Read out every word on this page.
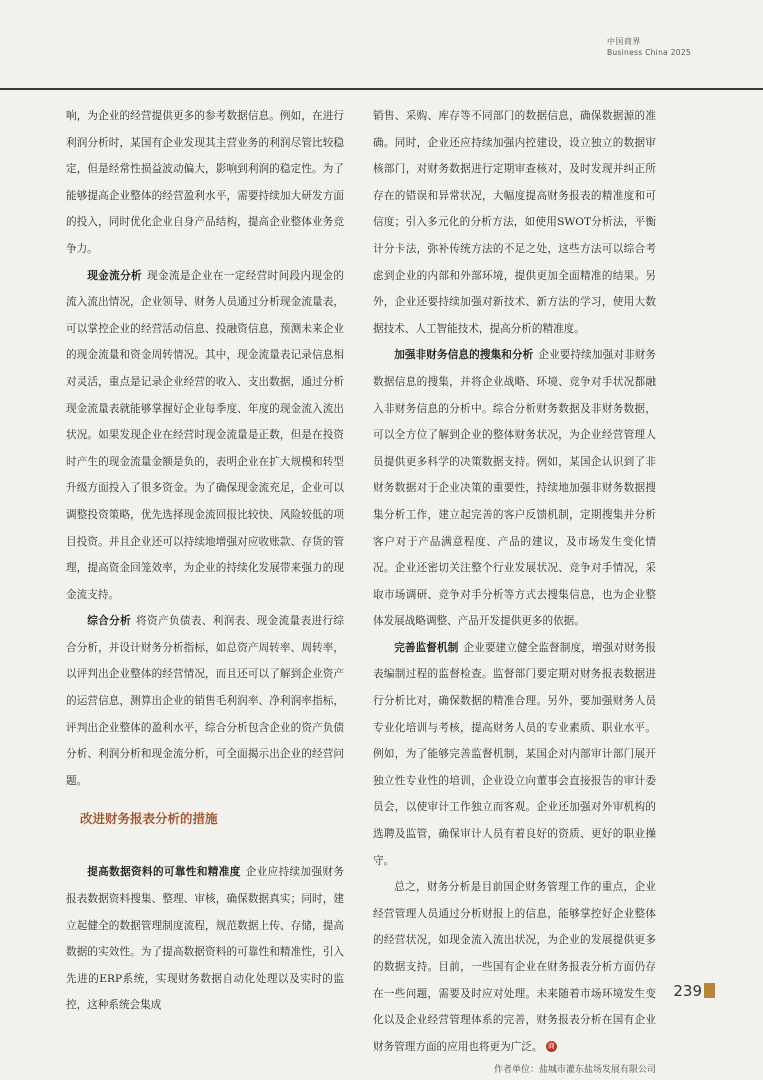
中国商界
Business China 2025

响，为企业的经营提供更多的参考数据信息。例如，在进行利润分析时，某国有企业发现其主营业务的利润尽管比较稳定，但是经常性损益波动偏大，影响到利润的稳定性。为了能够提高企业整体的经营盈利水平，需要持续加大研发方面的投入，同时优化企业自身产品结构，提高企业整体业务竞争力。

现金流分析 现金流是企业在一定经营时间段内现金的流入流出情况，企业领导、财务人员通过分析现金流量表，可以掌控企业的经营活动信息、投融资信息，预测未来企业的现金流量和资金周转情况。其中，现金流量表记录信息相对灵活，重点是记录企业经营的收入、支出数据，通过分析现金流量表就能够掌握好企业每季度、年度的现金流入流出状况。如果发现企业在经营时现金流量是正数，但是在投资时产生的现金流量金额是负的，表明企业在扩大规模和转型升级方面投入了很多资金。为了确保现金流充足，企业可以调整投资策略，优先选择现金流回报比较快、风险较低的项目投资。并且企业还可以持续地增强对应收账款、存货的管理，提高资金回笼效率，为企业的持续化发展带来强力的现金流支持。

综合分析 将资产负债表、利润表、现金流量表进行综合分析，并设计财务分析指标，如总资产周转率、周转率，以评判出企业整体的经营情况，而且还可以了解到企业资产的运营信息，测算出企业的销售毛利润率、净利润率指标，评判出企业整体的盈利水平，综合分析包含企业的资产负债分析、利润分析和现金流分析，可全面揭示出企业的经营问题。

改进财务报表分析的措施

提高数据资料的可靠性和精准度 企业应持续加强财务报表数据资料搜集、整理、审核，确保数据真实；同时，建立起健全的数据管理制度流程，规范数据上传、存储，提高数据的实效性。为了提高数据资料的可靠性和精准性，引入先进的ERP系统，实现财务数据自动化处理以及实时的监控，这种系统会集成

销售、采购、库存等不同部门的数据信息，确保数据源的准确。同时，企业还应持续加强内控建设，设立独立的数据审核部门，对财务数据进行定期审查核对，及时发现并纠正所存在的错误和异常状况，大幅度提高财务报表的精准度和可信度；引入多元化的分析方法，如使用SWOT分析法，平衡计分卡法，弥补传统方法的不足之处，这些方法可以综合考虑到企业的内部和外部环境，提供更加全面精准的结果。另外，企业还要持续加强对新技术、新方法的学习，使用大数据技术、人工智能技术，提高分析的精准度。

加强非财务信息的搜集和分析 企业要持续加强对非财务数据信息的搜集，并将企业战略、环境、竞争对手状况都融入非财务信息的分析中。综合分析财务数据及非财务数据，可以全方位了解到企业的整体财务状况，为企业经营管理人员提供更多科学的决策数据支持。例如，某国企认识到了非财务数据对于企业决策的重要性，持续地加强非财务数据搜集分析工作，建立起完善的客户反馈机制，定期搜集并分析客户对于产品满意程度、产品的建议，及市场发生变化情况。企业还密切关注整个行业发展状况、竞争对手情况，采取市场调研、竞争对手分析等方式去搜集信息，也为企业整体发展战略调整、产品开发提供更多的依据。

完善监督机制 企业要建立健全监督制度，增强对财务报表编制过程的监督检查。监督部门要定期对财务报表数据进行分析比对，确保数据的精准合理。另外，要加强财务人员专业化培训与考核，提高财务人员的专业素质、职业水平。例如，为了能够完善监督机制，某国企对内部审计部门展开独立性专业性的培训，企业设立向董事会直接报告的审计委员会，以使审计工作独立而客观。企业还加强对外审机构的选聘及监管，确保审计人员有着良好的资质、更好的职业操守。

总之，财务分析是目前国企财务管理工作的重点，企业经营管理人员通过分析财报上的信息，能够掌控好企业整体的经营状况，如现金流入流出状况，为企业的发展提供更多的数据支持。目前，一些国有企业在财务报表分析方面仍存在一些问题，需要及时应对处理。未来随着市场环境发生变化以及企业经营管理体系的完善，财务报表分析在国有企业财务管理方面的应用也将更为广泛。 商

作者单位：盐城市灌东盐场发展有限公司
239
